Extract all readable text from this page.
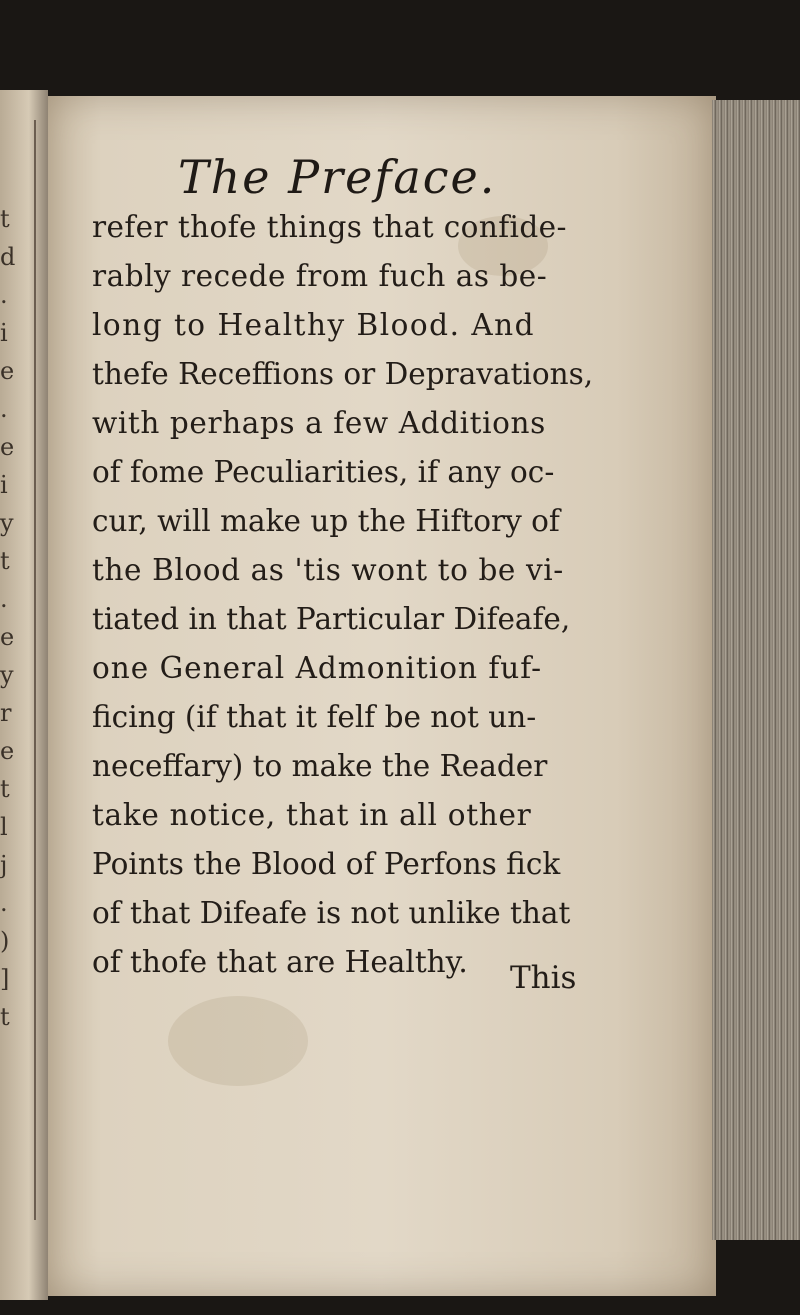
t
d
.
i
e
.
e
i
y
t
.
e
y
r
e
t
l
j
.
)
]
t
The Preface.
refer thofe things that confide-
rably recede from fuch as be-
long to Healthy Blood. And
thefe Receffions or Depravations,
with perhaps a few Additions
of fome Peculiarities, if any oc-
cur, will make up the Hiftory of
the Blood as 'tis wont to be vi-
tiated in that Particular Difeafe,
one General Admonition fuf-
ficing (if that it felf be not un-
neceffary) to make the Reader
take notice, that in all other
Points the Blood of Perfons fick
of that Difeafe is not unlike that
of thofe that are Healthy.	This
